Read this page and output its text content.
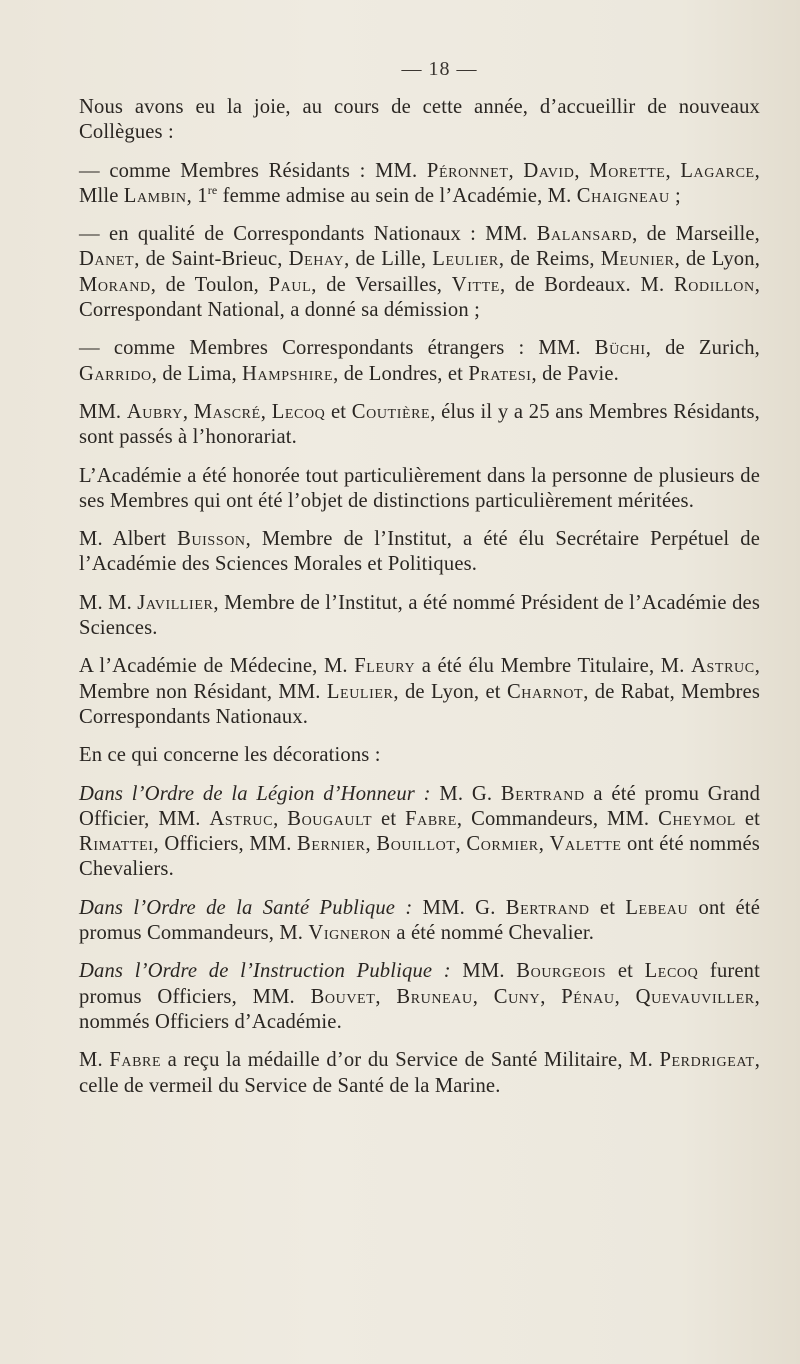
— 18 —
Nous avons eu la joie, au cours de cette année, d’accueillir de nouveaux Collègues :
— comme Membres Résidants : MM. Péronnet, David, Morette, Lagarce, Mlle Lambin, 1re femme admise au sein de l’Académie, M. Chaigneau ;
— en qualité de Correspondants Nationaux : MM. Balansard, de Marseille, Danet, de Saint-Brieuc, Dehay, de Lille, Leulier, de Reims, Meunier, de Lyon, Morand, de Toulon, Paul, de Versailles, Vitte, de Bordeaux. M. Rodillon, Correspondant National, a donné sa démission ;
— comme Membres Correspondants étrangers : MM. Büchi, de Zurich, Garrido, de Lima, Hampshire, de Londres, et Pratesi, de Pavie.
MM. Aubry, Mascré, Lecoq et Coutière, élus il y a 25 ans Membres Résidants, sont passés à l’honorariat.
L’Académie a été honorée tout particulièrement dans la personne de plusieurs de ses Membres qui ont été l’objet de distinctions particulièrement méritées.
M. Albert Buisson, Membre de l’Institut, a été élu Secrétaire Perpétuel de l’Académie des Sciences Morales et Politiques.
M. M. Javillier, Membre de l’Institut, a été nommé Président de l’Académie des Sciences.
A l’Académie de Médecine, M. Fleury a été élu Membre Titulaire, M. Astruc, Membre non Résidant, MM. Leulier, de Lyon, et Charnot, de Rabat, Membres Correspondants Nationaux.
En ce qui concerne les décorations :
Dans l’Ordre de la Légion d’Honneur : M. G. Bertrand a été promu Grand Officier, MM. Astruc, Bougault et Fabre, Commandeurs, MM. Cheymol et Rimattei, Officiers, MM. Bernier, Bouillot, Cormier, Valette ont été nommés Chevaliers.
Dans l’Ordre de la Santé Publique : MM. G. Bertrand et Lebeau ont été promus Commandeurs, M. Vigneron a été nommé Chevalier.
Dans l’Ordre de l’Instruction Publique : MM. Bourgeois et Lecoq furent promus Officiers, MM. Bouvet, Bruneau, Cuny, Pénau, Quevauviller, nommés Officiers d’Académie.
M. Fabre a reçu la médaille d’or du Service de Santé Militaire, M. Perdrigeat, celle de vermeil du Service de Santé de la Marine.
